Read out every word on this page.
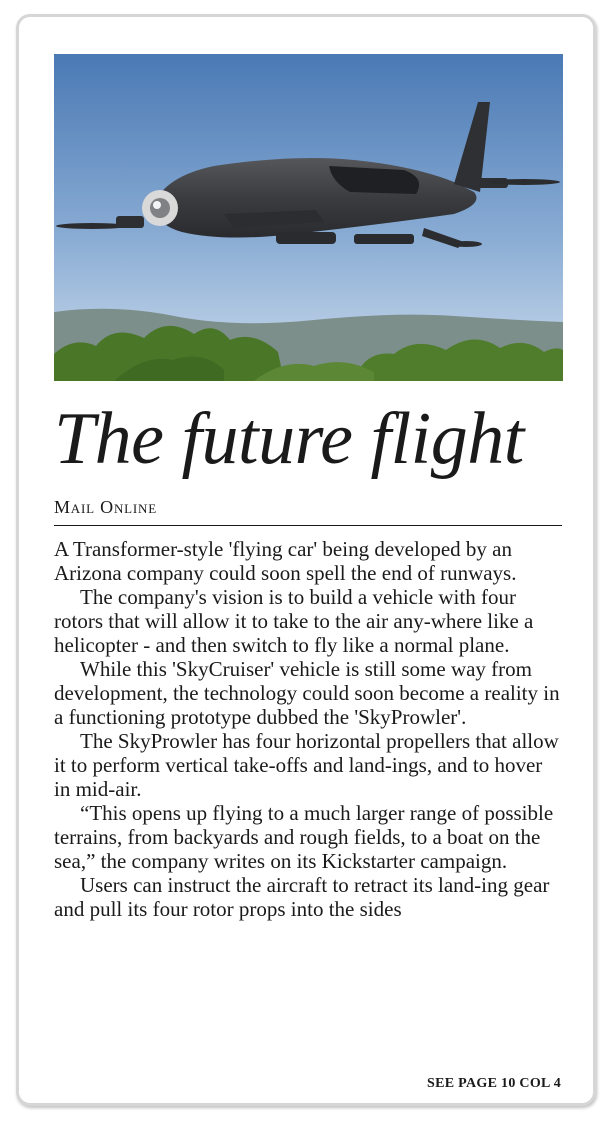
The future flight
Mail Online

A Transformer-style 'flying car' being developed by an Arizona company could soon spell the end of runways.

The company's vision is to build a vehicle with four rotors that will allow it to take to the air any-where like a helicopter - and then switch to fly like a normal plane.

While this 'SkyCruiser' vehicle is still some way from development, the technology could soon become a reality in a functioning prototype dubbed the 'SkyProwler'.

The SkyProwler has four horizontal propellers that allow it to perform vertical take-offs and land-ings, and to hover in mid-air.

“This opens up flying to a much larger range of possible terrains, from backyards and rough fields, to a boat on the sea,” the company writes on its Kickstarter campaign.

Users can instruct the aircraft to retract its land-ing gear and pull its four rotor props into the sides

SEE PAGE 10 COL 4
